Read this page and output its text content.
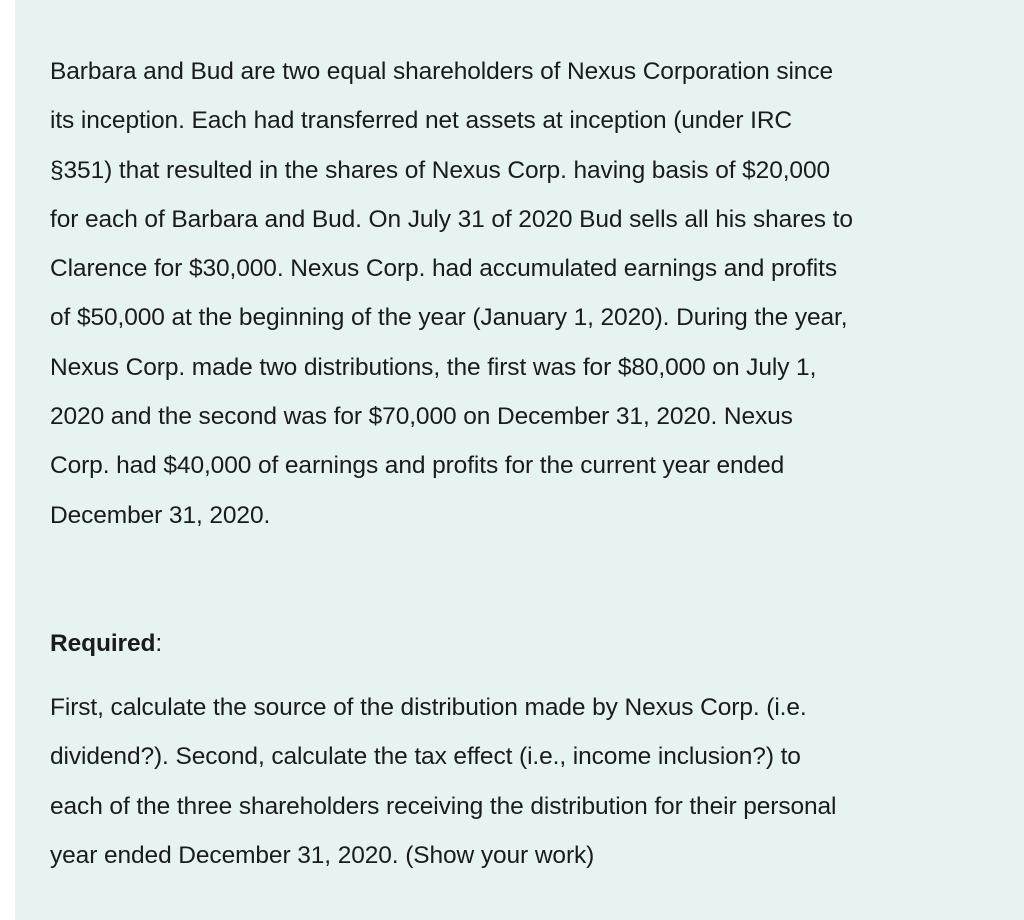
Barbara and Bud are two equal shareholders of Nexus Corporation since
its inception. Each had transferred net assets at inception (under IRC
§351) that resulted in the shares of Nexus Corp. having basis of $20,000
for each of Barbara and Bud. On July 31 of 2020 Bud sells all his shares to
Clarence for $30,000. Nexus Corp. had accumulated earnings and profits
of $50,000 at the beginning of the year (January 1, 2020). During the year,
Nexus Corp. made two distributions, the first was for $80,000 on July 1,
2020 and the second was for $70,000 on December 31, 2020. Nexus
Corp. had $40,000 of earnings and profits for the current year ended
December 31, 2020.

Required:

First, calculate the source of the distribution made by Nexus Corp. (i.e.
dividend?). Second, calculate the tax effect (i.e., income inclusion?) to
each of the three shareholders receiving the distribution for their personal
year ended December 31, 2020. (Show your work)
